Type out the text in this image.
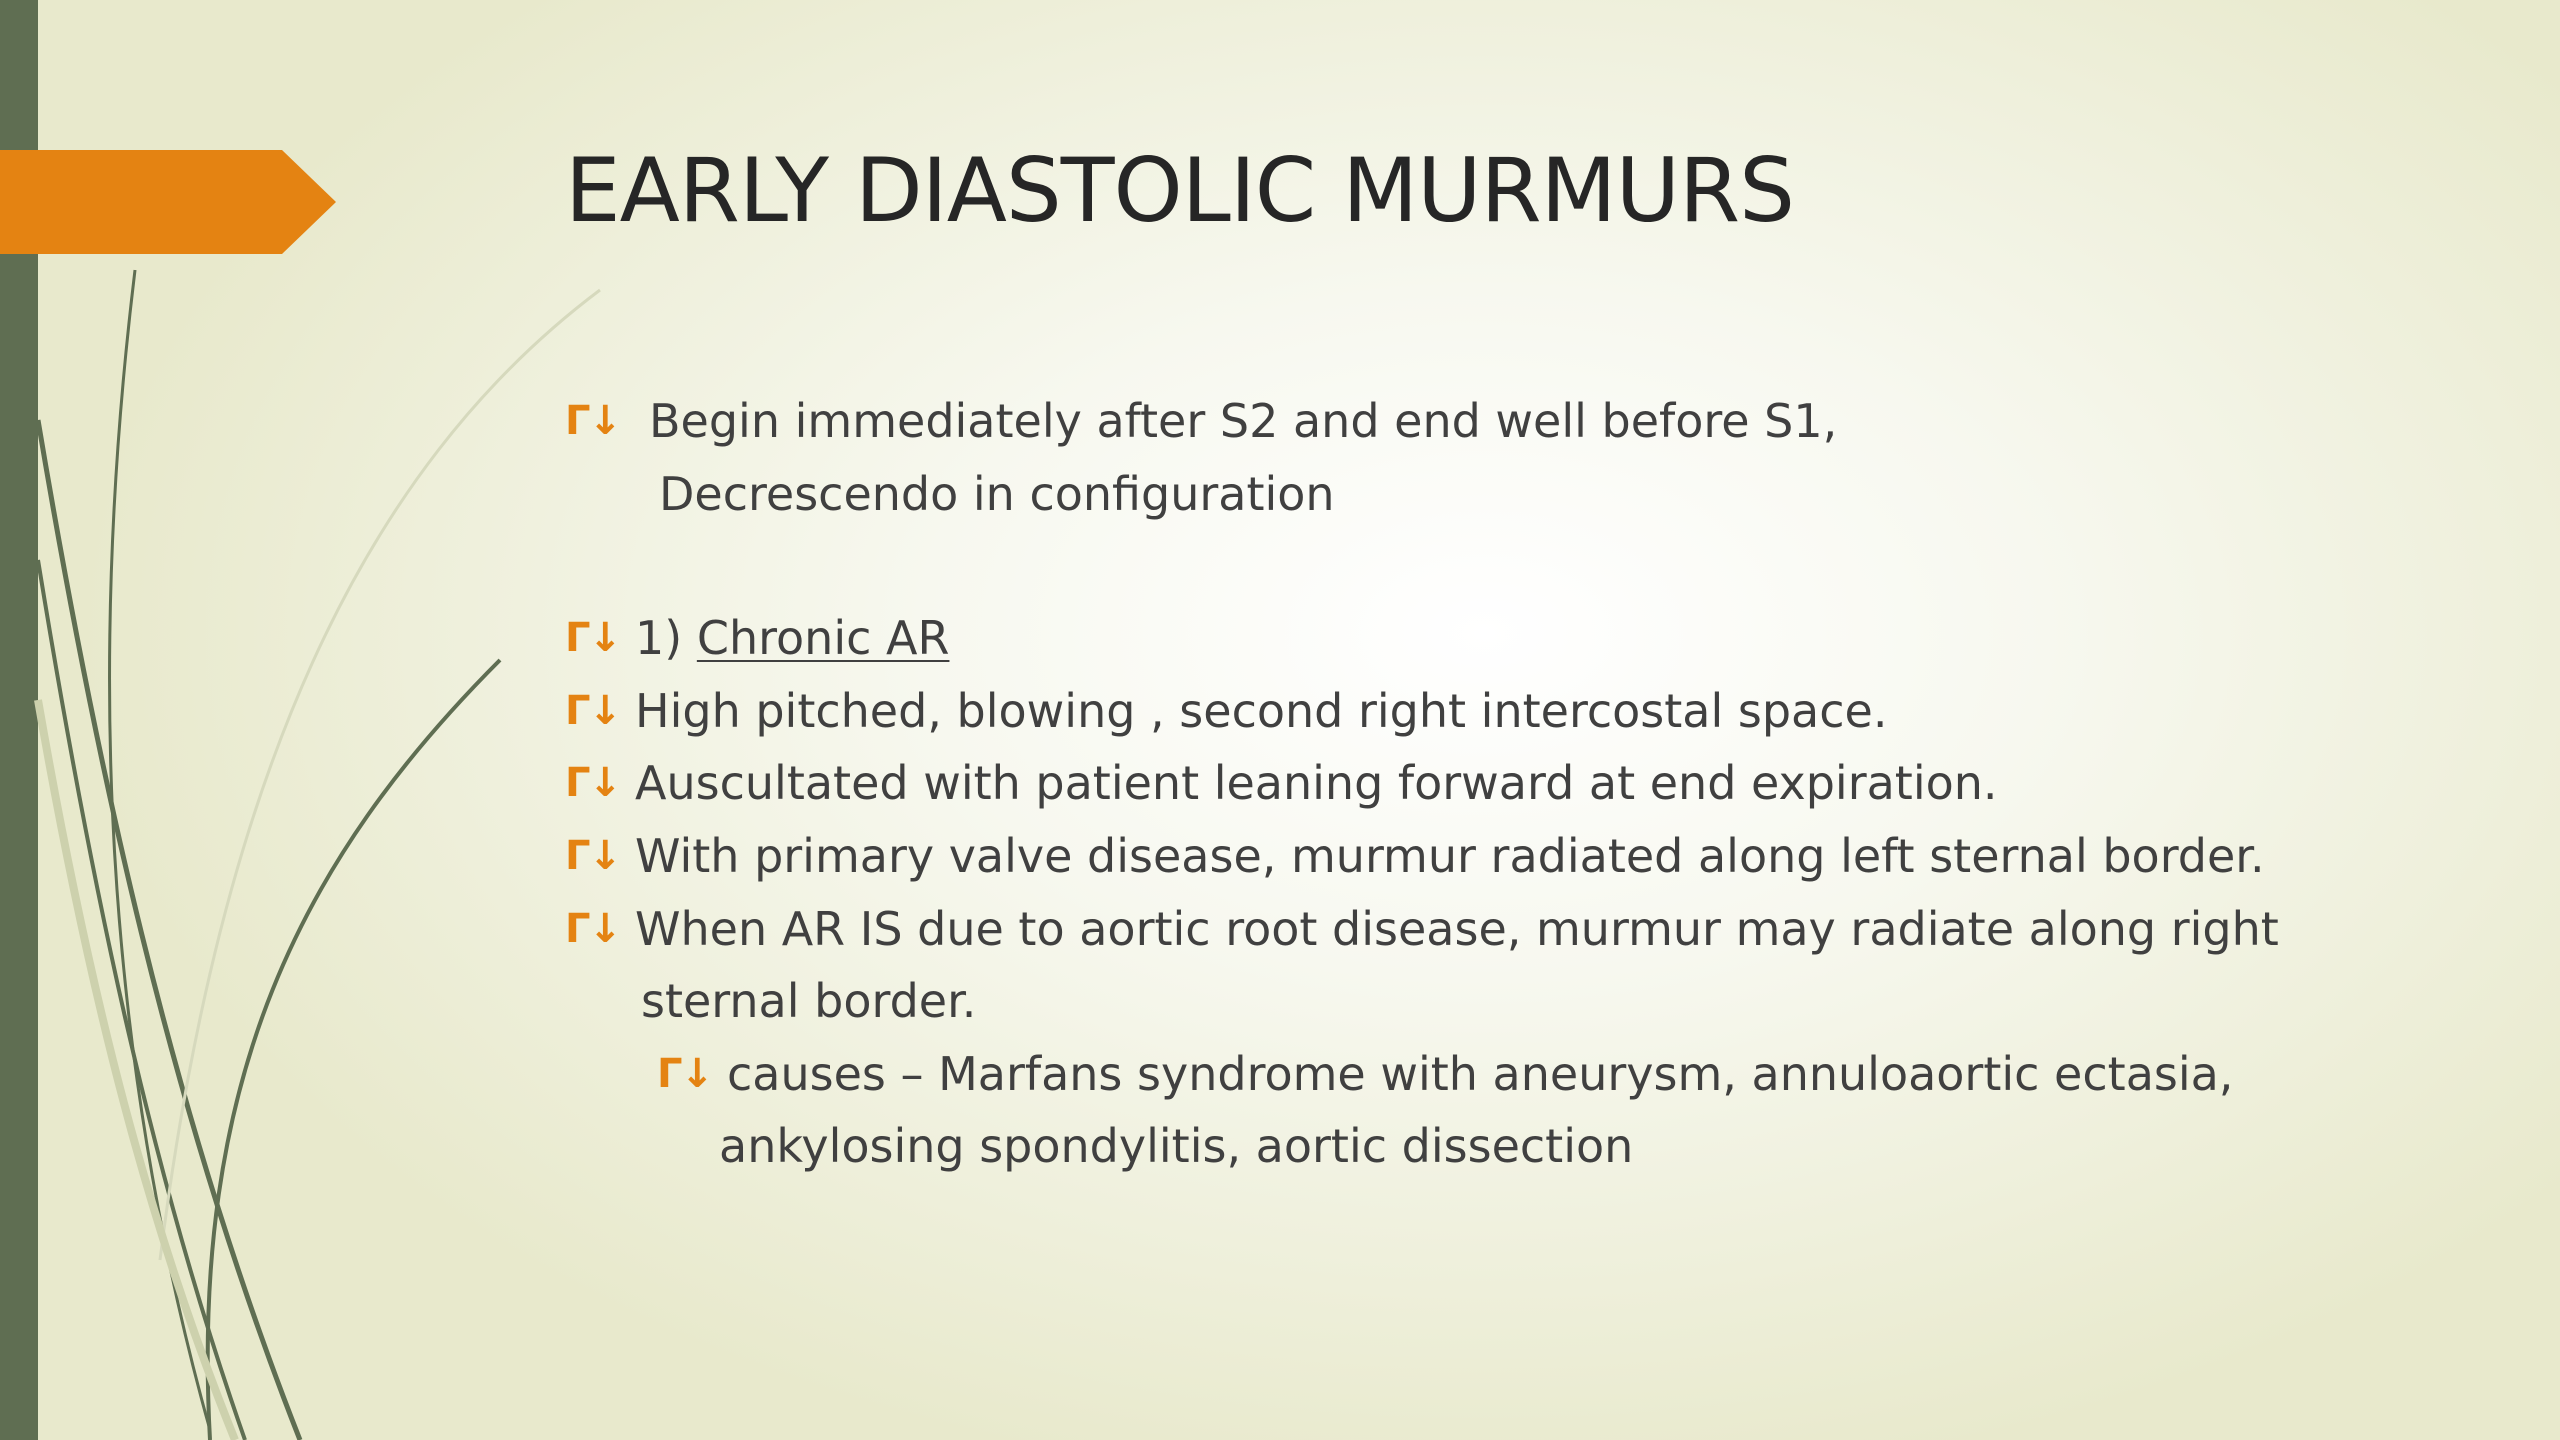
EARLY DIASTOLIC MURMURS
Γ↓ Begin immediately after S2 and end well before S1,
Decrescendo in configuration
Γ↓ 1) Chronic AR
Γ↓ High pitched, blowing , second right intercostal space.
Γ↓ Auscultated with patient leaning forward at end expiration.
Γ↓ With primary valve disease, murmur radiated along left sternal border.
Γ↓ When AR IS due to aortic root disease, murmur may radiate along right
sternal border.
Γ↓ causes – Marfans syndrome with aneurysm, annuloaortic ectasia,
ankylosing spondylitis, aortic dissection
